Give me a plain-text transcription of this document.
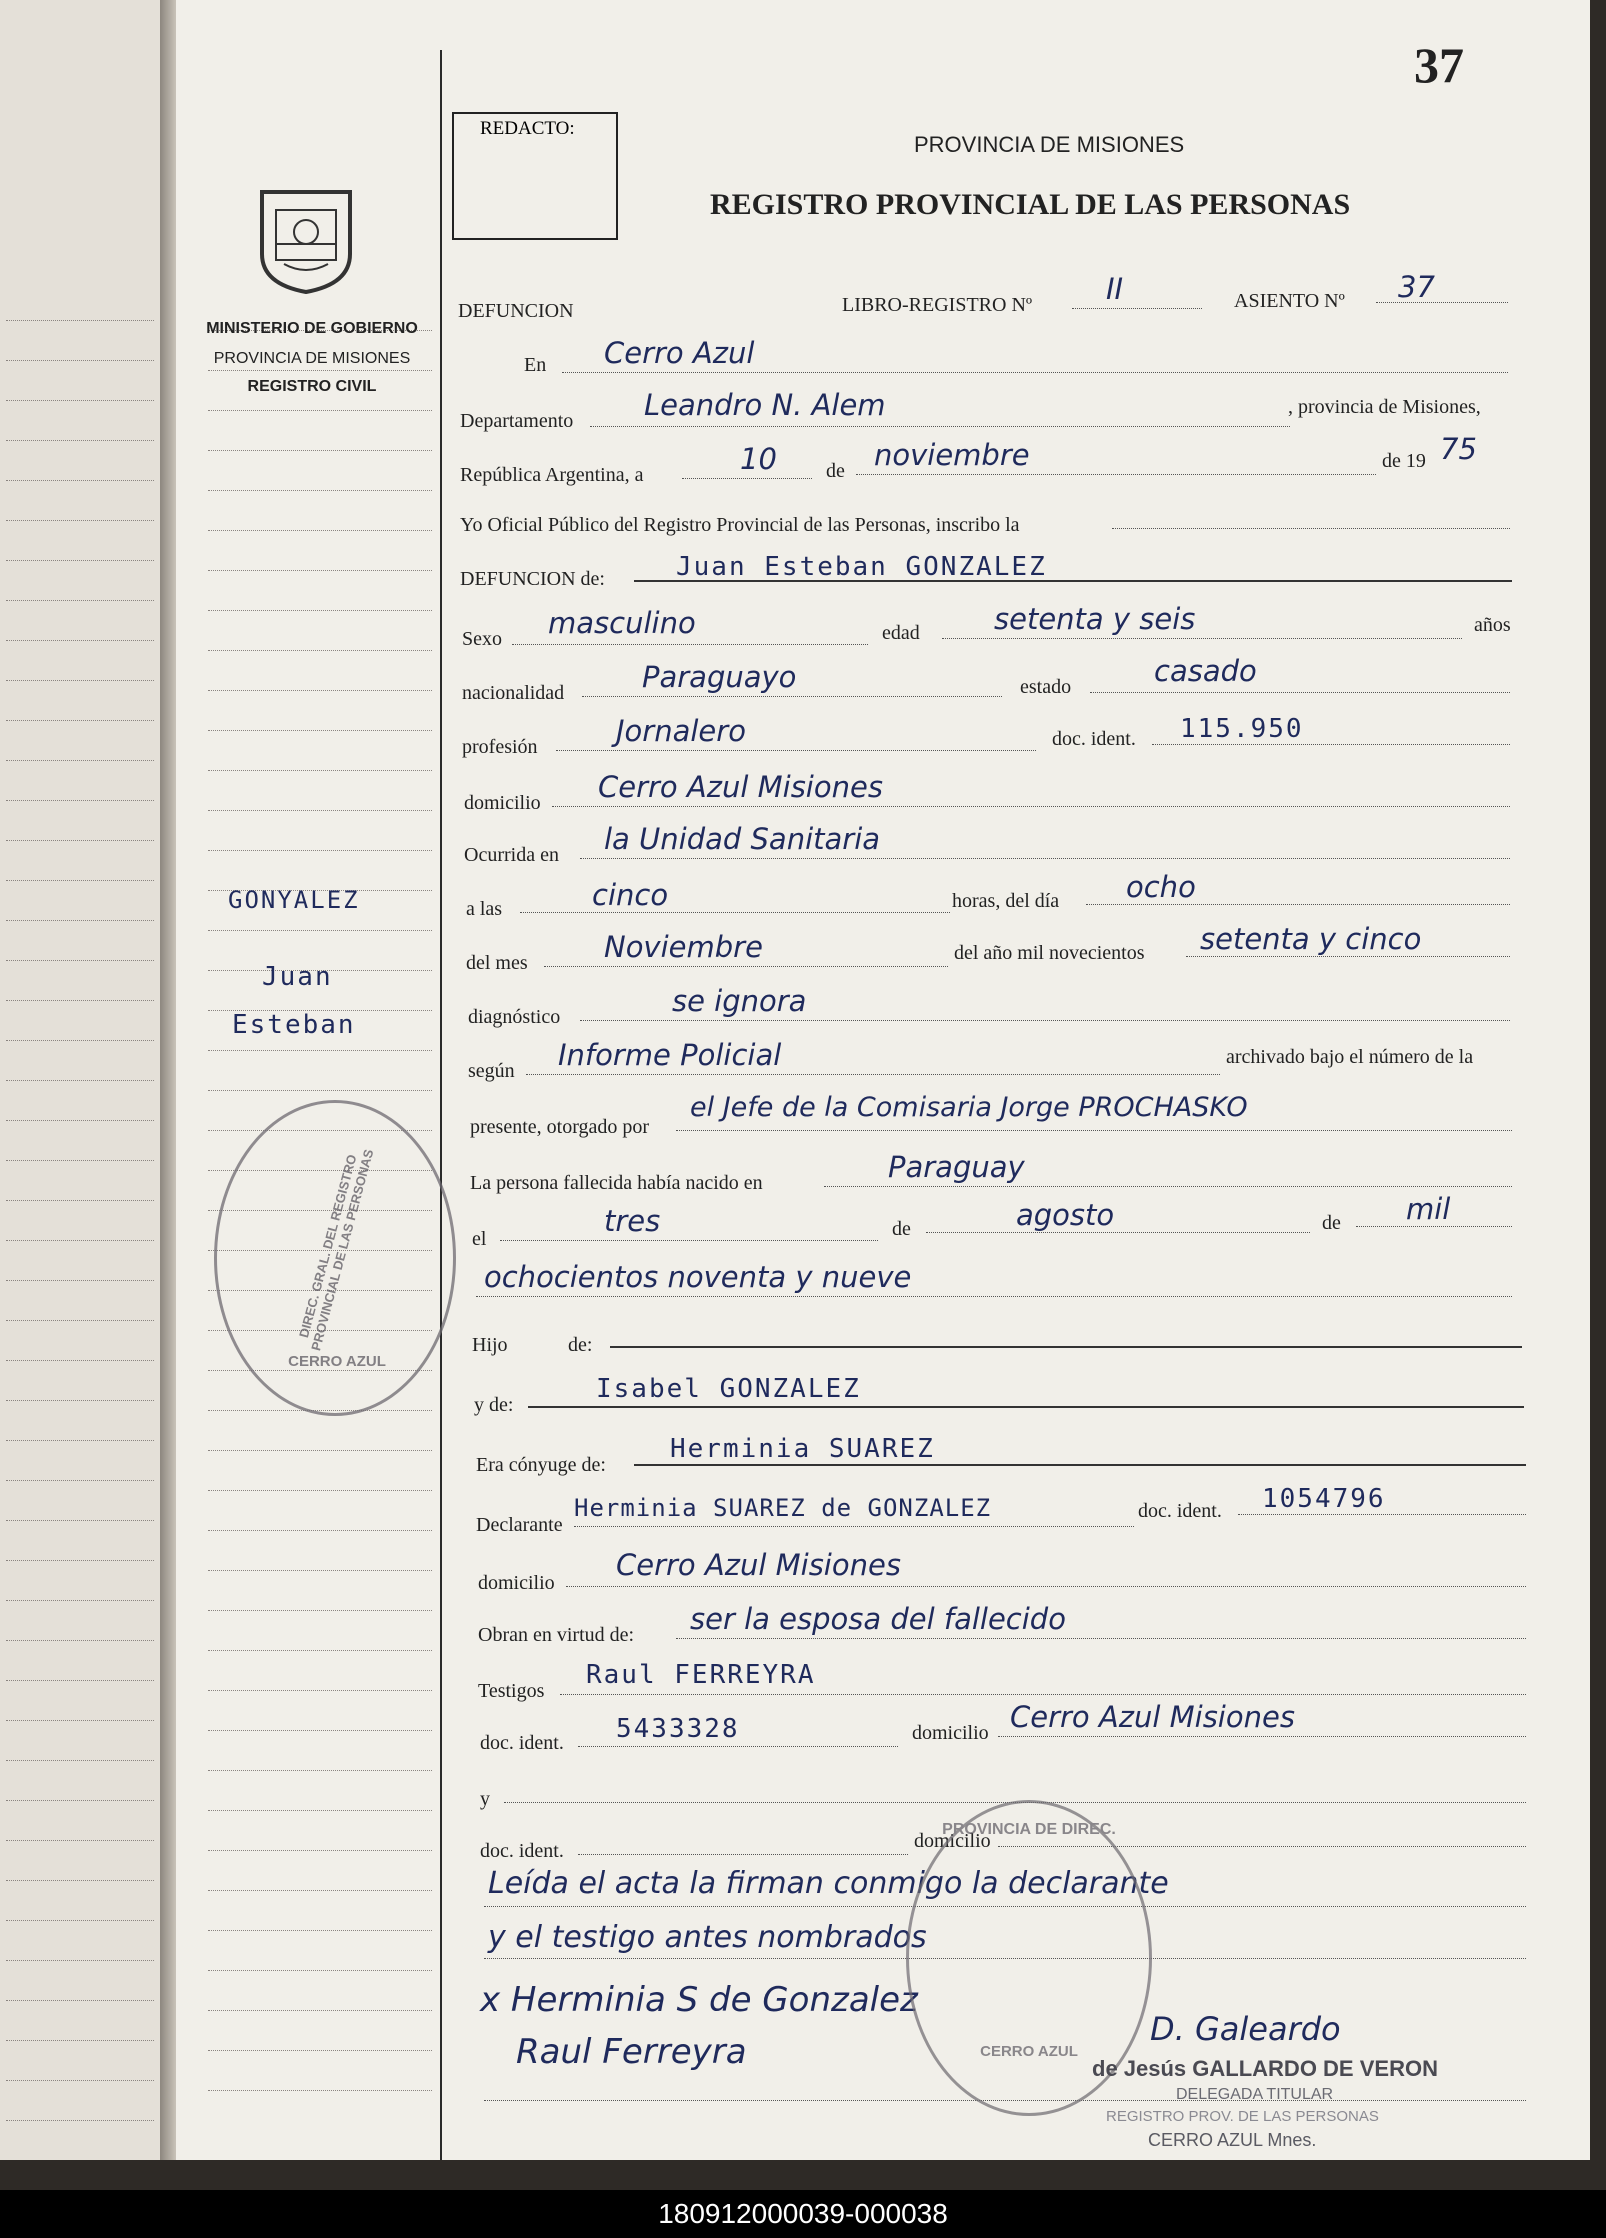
37
REDACTO:
PROVINCIA DE MISIONES
REGISTRO PROVINCIAL DE LAS PERSONAS
MINISTERIO DE GOBIERNO
PROVINCIA DE MISIONES
REGISTRO CIVIL
GONYALEZ
Juan
Esteban
DIREC. GRAL. DEL REGISTRO PROVINCIAL DE LAS PERSONAS
CERRO AZUL
DEFUNCION	LIBRO-REGISTRO Nº	II	ASIENTO Nº 37
En Cerro Azul
Departamento Leandro N. Alem	, provincia de Misiones,
República Argentina, a	10 de noviembre	de 19 75
Yo Oficial Público del Registro Provincial de las Personas, inscribo la
DEFUNCION de:	Juan Esteban GONZALEZ
Sexo masculino	edad	setenta y seis	años
nacionalidad	Paraguayo	estado	casado
profesión	Jornalero	doc. ident. 115.950
domicilio Cerro Azul Misiones
Ocurrida en la Unidad Sanitaria
a las	cinco	horas, del día ocho
del mes	Noviembre	del año mil novecientos setenta y cinco
diagnóstico	se ignora
según Informe Policial	archivado bajo el número de la
presente, otorgado por
el Jefe de la Comisaria Jorge PROCHASKO
La persona fallecida había nacido en	Paraguay
el
tres	de	agosto	de mil
ochocientos noventa y nueve
Hijo	de:
y de:
Isabel GONZALEZ
Era cónyuge de:
Herminia SUAREZ
Declarante
Herminia SUAREZ de GONZALEZ	doc. ident. 1054796
domicilio
Cerro Azul Misiones
Obran en virtud de: ser la esposa del fallecido
Testigos
Raul FERREYRA
doc. ident. 5433328	domicilio Cerro Azul Misiones
y
doc. ident.	domicilio
Leída el acta la firman conmigo la declarante
y el testigo antes nombrados
x Herminia S de Gonzalez
Raul Ferreyra
D. Galeardo
PROVINCIA DE DIREC.
CERRO AZUL
de Jesús GALLARDO DE VERON
DELEGADA TITULAR
REGISTRO PROV. DE LAS PERSONAS
CERRO AZUL Mnes.
180912000039-000038
